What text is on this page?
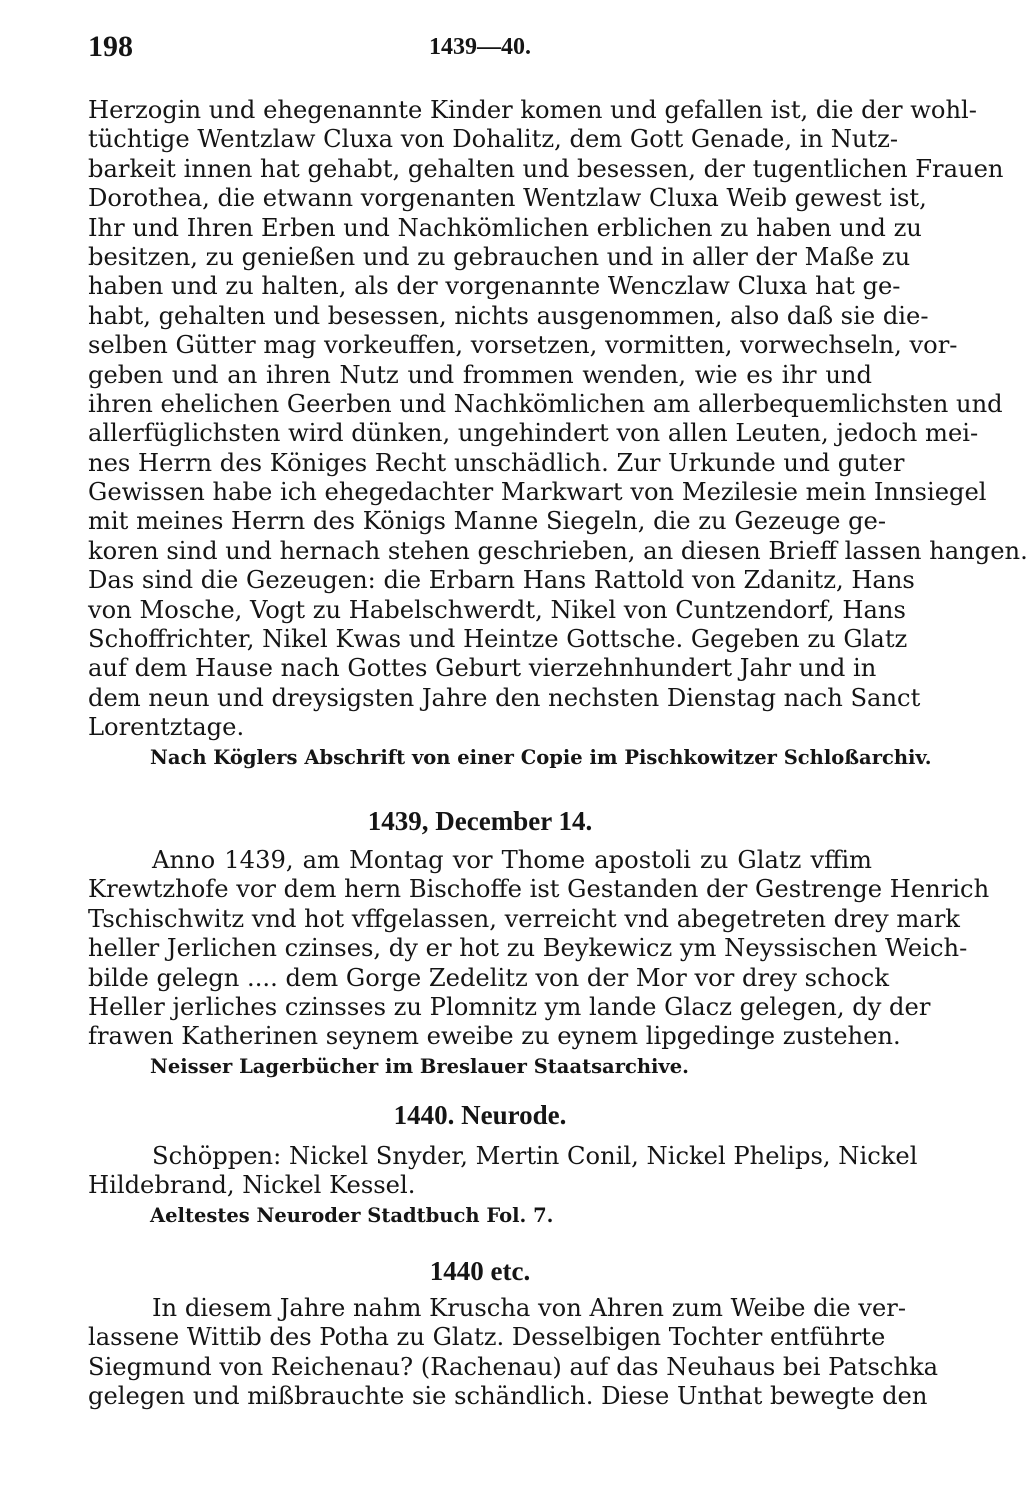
198	1439—40.
Herzogin und ehegenannte Kinder komen und gefallen ist, die der wohl-
tüchtige Wentzlaw Cluxa von Dohalitz, dem Gott Genade, in Nutz-
barkeit innen hat gehabt, gehalten und besessen, der tugentlichen Frauen
Dorothea, die etwann vorgenanten Wentzlaw Cluxa Weib gewest ist,
Ihr und Ihren Erben und Nachkömlichen erblichen zu haben und zu
besitzen, zu genießen und zu gebrauchen und in aller der Maße zu
haben und zu halten, als der vorgenannte Wenczlaw Cluxa hat ge-
habt, gehalten und besessen, nichts ausgenommen, also daß sie die-
selben Gütter mag vorkeuffen, vorsetzen, vormitten, vorwechseln, vor-
geben und an ihren Nutz und frommen wenden, wie es ihr und
ihren ehelichen Geerben und Nachkömlichen am allerbequemlichsten und
allerfüglichsten wird dünken, ungehindert von allen Leuten, jedoch mei-
nes Herrn des Königes Recht unschädlich. Zur Urkunde und guter
Gewissen habe ich ehegedachter Markwart von Mezilesie mein Innsiegel
mit meines Herrn des Königs Manne Siegeln, die zu Gezeuge ge-
koren sind und hernach stehen geschrieben, an diesen Brieff lassen hangen.
Das sind die Gezeugen: die Erbarn Hans Rattold von Zdanitz, Hans
von Mosche, Vogt zu Habelschwerdt, Nikel von Cuntzendorf, Hans
Schoffrichter, Nikel Kwas und Heintze Gottsche. Gegeben zu Glatz
auf dem Hause nach Gottes Geburt vierzehnhundert Jahr und in
dem neun und dreysigsten Jahre den nechsten Dienstag nach Sanct
Lorentztage.
Nach Köglers Abschrift von einer Copie im Pischkowitzer Schloßarchiv.
1439, December 14.
Anno 1439, am Montag vor Thome apostoli zu Glatz vffim
Krewtzhofe vor dem hern Bischoffe ist Gestanden der Gestrenge Henrich
Tschischwitz vnd hot vffgelassen, verreicht vnd abegetreten drey mark
heller Jerlichen czinses, dy er hot zu Beykewicz ym Neyssischen Weich-
bilde gelegn .... dem Gorge Zedelitz von der Mor vor drey schock
Heller jerliches czinsses zu Plomnitz ym lande Glacz gelegen, dy der
frawen Katherinen seynem eweibe zu eynem lipgedinge zustehen.
Neisser Lagerbücher im Breslauer Staatsarchive.
1440. Neurode.
Schöppen: Nickel Snyder, Mertin Conil, Nickel Phelips, Nickel
Hildebrand, Nickel Kessel.
Aeltestes Neuroder Stadtbuch Fol. 7.
1440 etc.
In diesem Jahre nahm Kruscha von Ahren zum Weibe die ver-
lassene Wittib des Potha zu Glatz. Desselbigen Tochter entführte
Siegmund von Reichenau? (Rachenau) auf das Neuhaus bei Patschka
gelegen und mißbrauchte sie schändlich. Diese Unthat bewegte den
